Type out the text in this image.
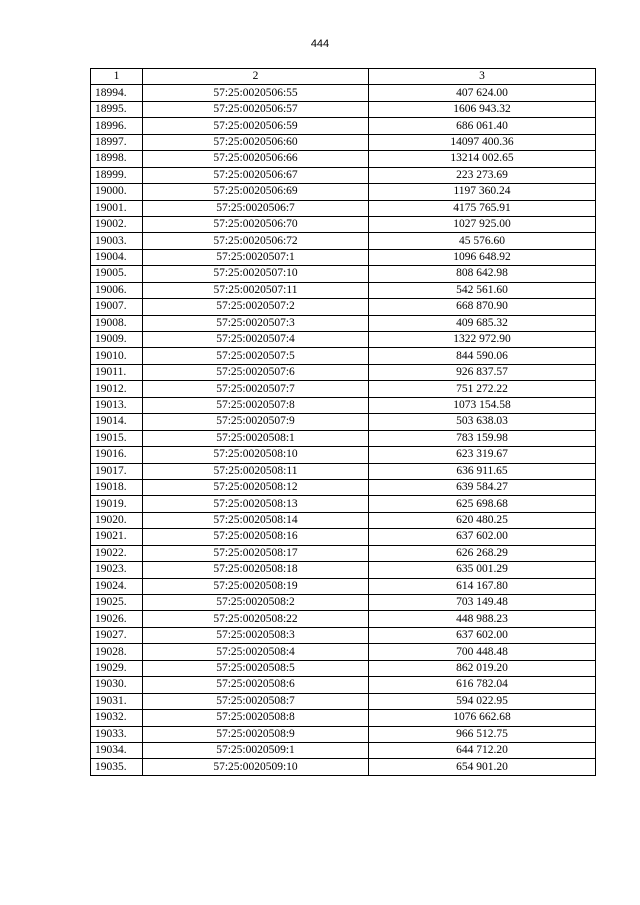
444
1	2	3
18994.	57:25:0020506:55	407 624.00
18995.	57:25:0020506:57	1606 943.32
18996.	57:25:0020506:59	686 061.40
18997.	57:25:0020506:60	14097 400.36
18998.	57:25:0020506:66	13214 002.65
18999.	57:25:0020506:67	223 273.69
19000.	57:25:0020506:69	1197 360.24
19001.	57:25:0020506:7	4175 765.91
19002.	57:25:0020506:70	1027 925.00
19003.	57:25:0020506:72	45 576.60
19004.	57:25:0020507:1	1096 648.92
19005.	57:25:0020507:10	808 642.98
19006.	57:25:0020507:11	542 561.60
19007.	57:25:0020507:2	668 870.90
19008.	57:25:0020507:3	409 685.32
19009.	57:25:0020507:4	1322 972.90
19010.	57:25:0020507:5	844 590.06
19011.	57:25:0020507:6	926 837.57
19012.	57:25:0020507:7	751 272.22
19013.	57:25:0020507:8	1073 154.58
19014.	57:25:0020507:9	503 638.03
19015.	57:25:0020508:1	783 159.98
19016.	57:25:0020508:10	623 319.67
19017.	57:25:0020508:11	636 911.65
19018.	57:25:0020508:12	639 584.27
19019.	57:25:0020508:13	625 698.68
19020.	57:25:0020508:14	620 480.25
19021.	57:25:0020508:16	637 602.00
19022.	57:25:0020508:17	626 268.29
19023.	57:25:0020508:18	635 001.29
19024.	57:25:0020508:19	614 167.80
19025.	57:25:0020508:2	703 149.48
19026.	57:25:0020508:22	448 988.23
19027.	57:25:0020508:3	637 602.00
19028.	57:25:0020508:4	700 448.48
19029.	57:25:0020508:5	862 019.20
19030.	57:25:0020508:6	616 782.04
19031.	57:25:0020508:7	594 022.95
19032.	57:25:0020508:8	1076 662.68
19033.	57:25:0020508:9	966 512.75
19034.	57:25:0020509:1	644 712.20
19035.	57:25:0020509:10	654 901.20
